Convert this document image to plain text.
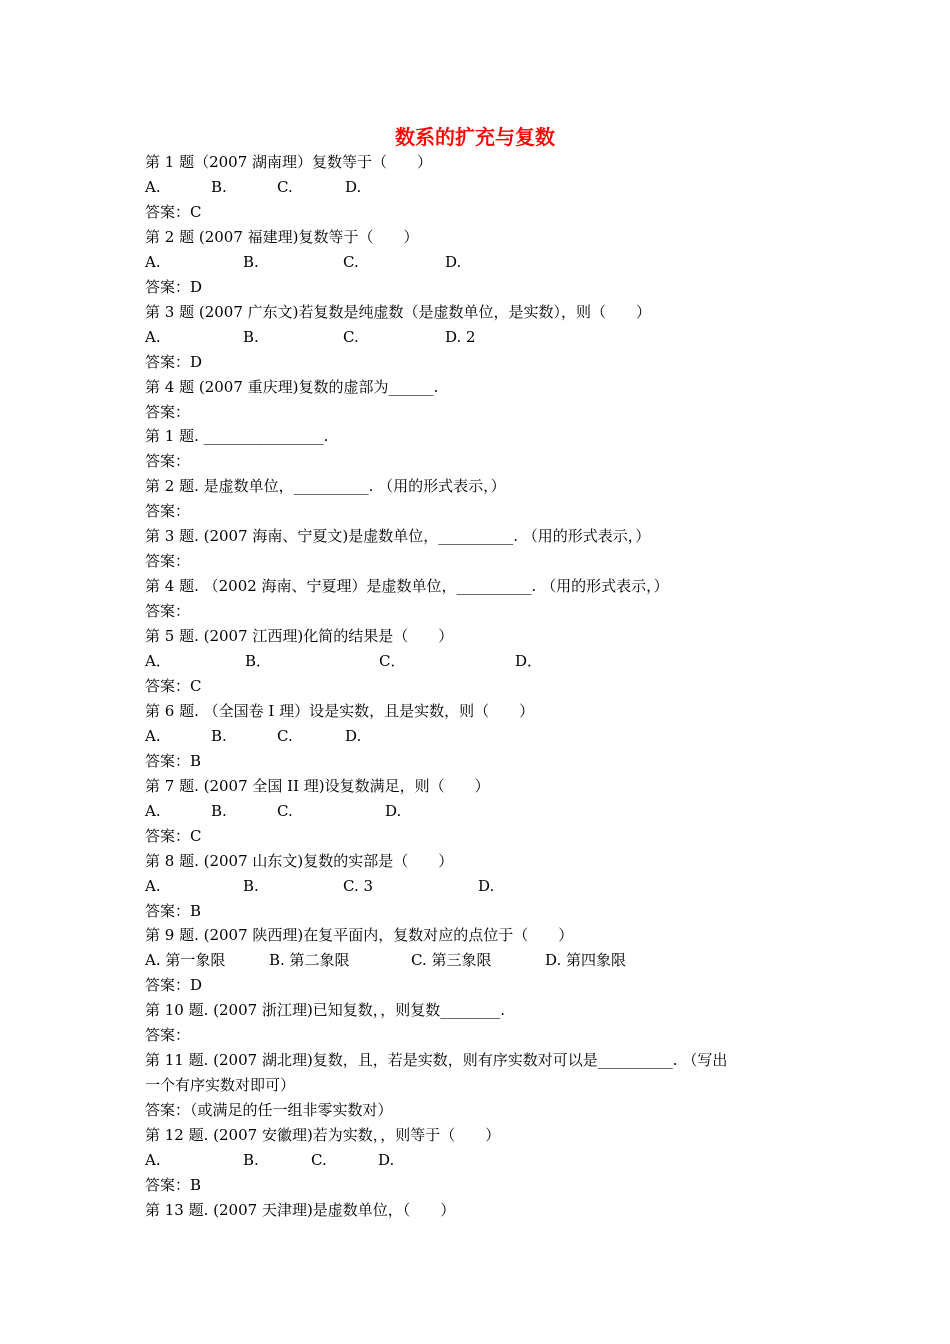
数系的扩充与复数
第 1 题（2007 湖南理）复数等于（　　）
A.	B.	C.	D.
答案：C
第 2 题 (2007 福建理)复数等于（　　）
A.	B.	C.	D.
答案：D
第 3 题 (2007 广东文)若复数是纯虚数（是虚数单位，是实数），则（　　）
A.	B.	C.	D. 2
答案：D
第 4 题 (2007 重庆理)复数的虚部为______.
答案：
第 1 题. ________________.
答案：
第 2 题. 是虚数单位，__________. （用的形式表示，）
答案：
第 3 题. (2007 海南、宁夏文)是虚数单位，__________. （用的形式表示，）
答案：
第 4 题. （2002 海南、宁夏理）是虚数单位，__________. （用的形式表示，）
答案：
第 5 题. (2007 江西理)化简的结果是（　　）
A．	B．	C．	D．
答案：C
第 6 题. （全国卷 I 理）设是实数，且是实数，则（　　）
A.	B.	C.	D.
答案：B
第 7 题. (2007 全国 II 理)设复数满足，则（　　）
A.	B.	C.	D.
答案：C
第 8 题. (2007 山东文)复数的实部是（　　）
A.	B.	C. 3	D.
答案：B
第 9 题. (2007 陕西理)在复平面内，复数对应的点位于（　　）
A. 第一象限	B. 第二象限	C. 第三象限	D. 第四象限
答案：D
第 10 题. (2007 浙江理)已知复数，，则复数________.
答案：
第 11 题. (2007 湖北理)复数，且，若是实数，则有序实数对可以是__________. （写出
一个有序实数对即可）
答案：（或满足的任一组非零实数对）
第 12 题. (2007 安徽理)若为实数，，则等于（　　）
A.	B.	C.	D.
答案：B
第 13 题. (2007 天津理)是虚数单位，（　　）
